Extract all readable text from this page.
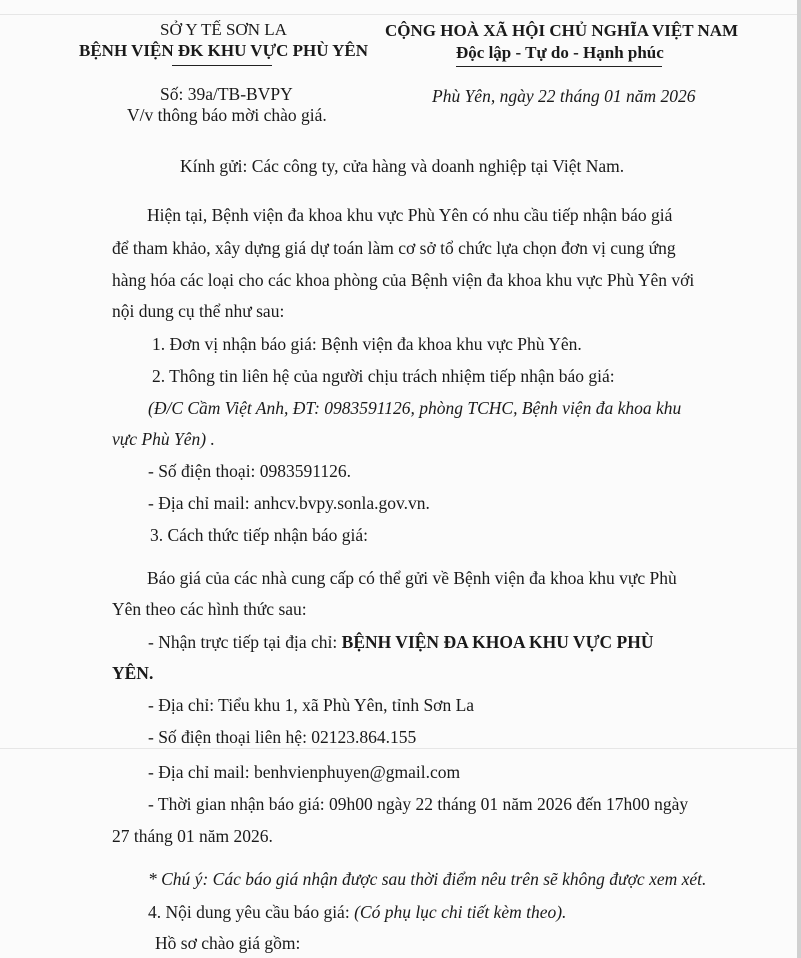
SỞ Y TẾ SƠN LA
BỆNH VIỆN ĐK KHU VỰC PHÙ YÊN
CỘNG HOÀ XÃ HỘI CHỦ NGHĨA VIỆT NAM
Độc lập - Tự do - Hạnh phúc
Số: 39a/TB-BVPY
V/v thông báo mời chào giá.
Phù Yên, ngày 22 tháng 01 năm 2026
Kính gửi: Các công ty, cửa hàng và doanh nghiệp tại Việt Nam.
Hiện tại, Bệnh viện đa khoa khu vực Phù Yên có nhu cầu tiếp nhận báo giá
để tham khảo, xây dựng giá dự toán làm cơ sở tổ chức lựa chọn đơn vị cung ứng
hàng hóa các loại cho các khoa phòng của Bệnh viện đa khoa khu vực Phù Yên với
nội dung cụ thể như sau:
1. Đơn vị nhận báo giá: Bệnh viện đa khoa khu vực Phù Yên.
2. Thông tin liên hệ của người chịu trách nhiệm tiếp nhận báo giá:
(Đ/C Cầm Việt Anh, ĐT: 0983591126, phòng TCHC, Bệnh viện đa khoa khu
vực Phù Yên) .
- Số điện thoại: 0983591126.
- Địa chỉ mail: anhcv.bvpy.sonla.gov.vn.
3. Cách thức tiếp nhận báo giá:
Báo giá của các nhà cung cấp có thể gửi về Bệnh viện đa khoa khu vực Phù
Yên theo các hình thức sau:
- Nhận trực tiếp tại địa chỉ: BỆNH VIỆN ĐA KHOA KHU VỰC PHÙ
YÊN.
- Địa chỉ: Tiểu khu 1, xã Phù Yên, tỉnh Sơn La
- Số điện thoại liên hệ: 02123.864.155
- Địa chỉ mail: benhvienphuyen@gmail.com
- Thời gian nhận báo giá: 09h00 ngày 22 tháng 01 năm 2026 đến 17h00 ngày
27 tháng 01 năm 2026.
* Chú ý: Các báo giá nhận được sau thời điểm nêu trên sẽ không được xem xét.
4. Nội dung yêu cầu báo giá: (Có phụ lục chi tiết kèm theo).
Hồ sơ chào giá gồm:
